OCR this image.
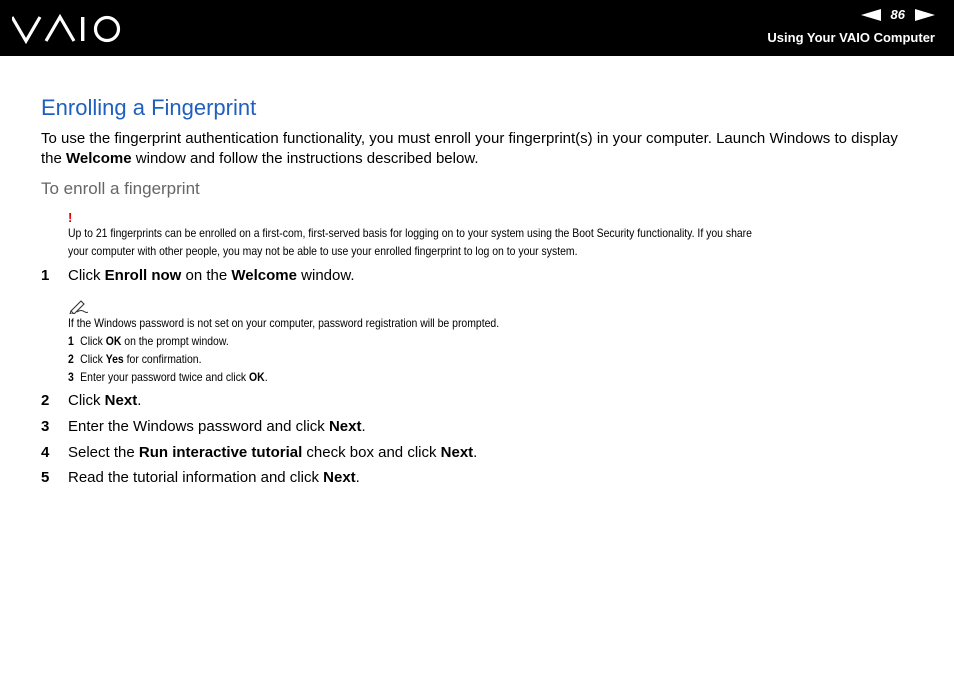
86
Using Your VAIO Computer
Enrolling a Fingerprint

To use the fingerprint authentication functionality, you must enroll your fingerprint(s) in your computer. Launch Windows to display the Welcome window and follow the instructions described below.

To enroll a fingerprint
!
Up to 21 fingerprints can be enrolled on a first-com, first-served basis for logging on to your system using the Boot Security functionality. If you share
your computer with other people, you may not be able to use your enrolled fingerprint to log on to your system.
1 Click Enroll now on the Welcome window.
If the Windows password is not set on your computer, password registration will be prompted.
1 Click OK on the prompt window.
2 Click Yes for confirmation.
3 Enter your password twice and click OK.
2 Click Next.
3 Enter the Windows password and click Next.
4 Select the Run interactive tutorial check box and click Next.
5 Read the tutorial information and click Next.
